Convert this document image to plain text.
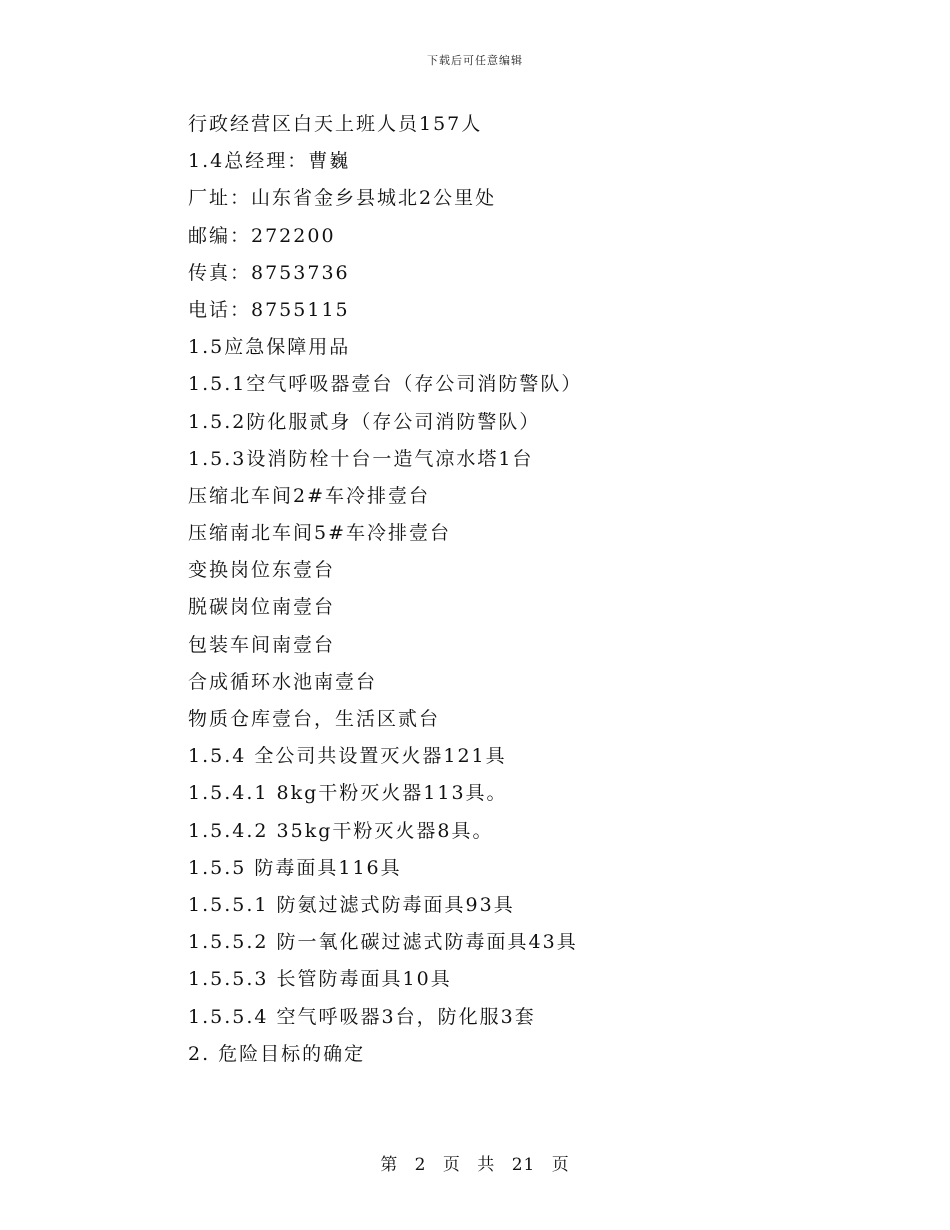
下载后可任意编辑
行政经营区白天上班人员157人
1.4总经理：曹巍
厂址：山东省金乡县城北2公里处
邮编：272200
传真：8753736
电话：8755115
1.5应急保障用品
1.5.1空气呼吸器壹台（存公司消防警队）
1.5.2防化服贰身（存公司消防警队）
1.5.3设消防栓十台一造气凉水塔1台
压缩北车间2#车冷排壹台
压缩南北车间5#车冷排壹台
变换岗位东壹台
脱碳岗位南壹台
包装车间南壹台
合成循环水池南壹台
物质仓库壹台，生活区贰台
1.5.4 全公司共设置灭火器121具
1.5.4.1 8kg干粉灭火器113具。
1.5.4.2 35kg干粉灭火器8具。
1.5.5 防毒面具116具
1.5.5.1 防氨过滤式防毒面具93具
1.5.5.2 防一氧化碳过滤式防毒面具43具
1.5.5.3 长管防毒面具10具
1.5.5.4 空气呼吸器3台，防化服3套
2. 危险目标的确定
第 2 页 共 21 页
